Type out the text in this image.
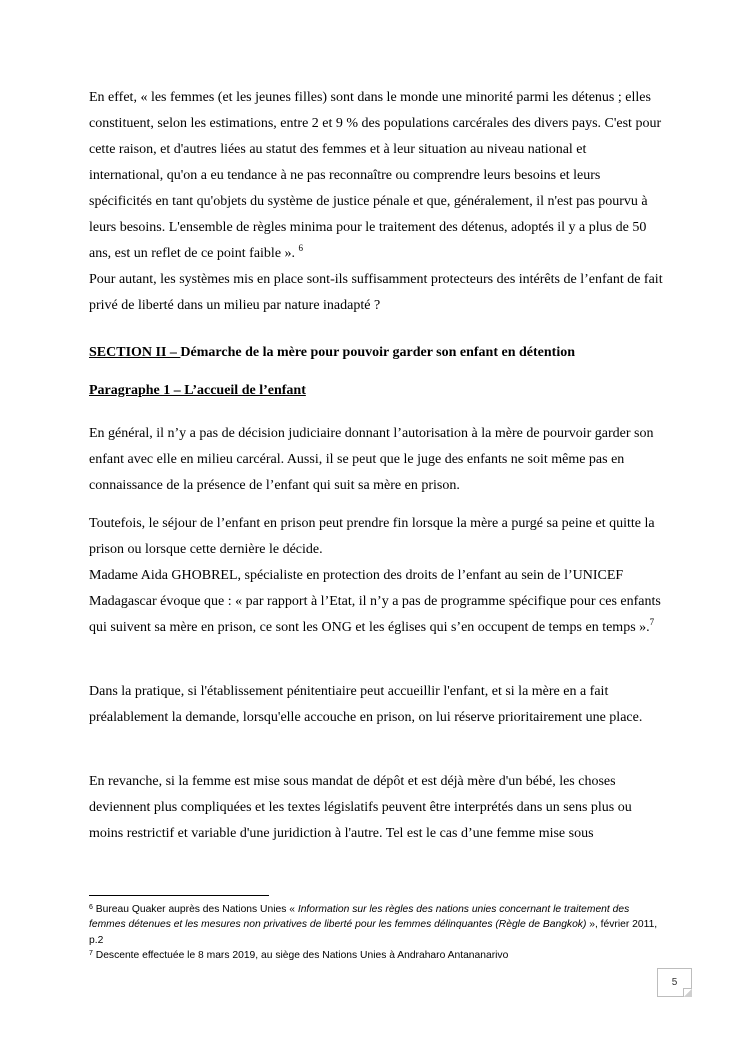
En effet, « les femmes (et les jeunes filles) sont dans le monde une minorité parmi les détenus ; elles constituent, selon les estimations, entre 2 et 9 % des populations carcérales des divers pays. C'est pour cette raison, et d'autres liées au statut des femmes et à leur situation au niveau national et international, qu'on a eu tendance à ne pas reconnaître ou comprendre leurs besoins et leurs spécificités en tant qu'objets du système de justice pénale et que, généralement, il n'est pas pourvu à leurs besoins. L'ensemble de règles minima pour le traitement des détenus, adoptés il y a plus de 50 ans, est un reflet de ce point faible ». $^6$

Pour autant, les systèmes mis en place sont-ils suffisamment protecteurs des intérêts de l’enfant de fait privé de liberté dans un milieu par nature inadapté ?

SECTION II – Démarche de la mère pour pouvoir garder son enfant en détention
Paragraphe 1 – L’accueil de l’enfant

En général, il n’y a pas de décision judiciaire donnant l’autorisation à la mère de pourvoir garder son enfant avec elle en milieu carcéral. Aussi, il se peut que le juge des enfants ne soit même pas en connaissance de la présence de l’enfant qui suit sa mère en prison.

Toutefois, le séjour de l’enfant en prison peut prendre fin lorsque la mère a purgé sa peine et quitte la prison ou lorsque cette dernière le décide.

Madame Aida GHOBREL, spécialiste en protection des droits de l’enfant au sein de l’UNICEF Madagascar évoque que : « par rapport à l’Etat, il n’y a pas de programme spécifique pour ces enfants qui suivent sa mère en prison, ce sont les ONG et les églises qui s’en occupent de temps en temps ».$^7$

Dans la pratique, si l'établissement pénitentiaire peut accueillir l'enfant, et si la mère en a fait préalablement la demande, lorsqu'elle accouche en prison, on lui réserve prioritairement une place.

En revanche, si la femme est mise sous mandat de dépôt et est déjà mère d'un bébé, les choses deviennent plus compliquées et les textes législatifs peuvent être interprétés dans un sens plus ou moins restrictif et variable d'une juridiction à l'autre. Tel est le cas d’une femme mise sous

$^6$ Bureau Quaker auprès des Nations Unies « Information sur les règles des nations unies concernant le traitement des femmes détenues et les mesures non privatives de liberté pour les femmes délinquantes (Règle de Bangkok) », février 2011, p.2

$^7$ Descente effectuée le 8 mars 2019, au siège des Nations Unies à Andraharo Antananarivo

5
